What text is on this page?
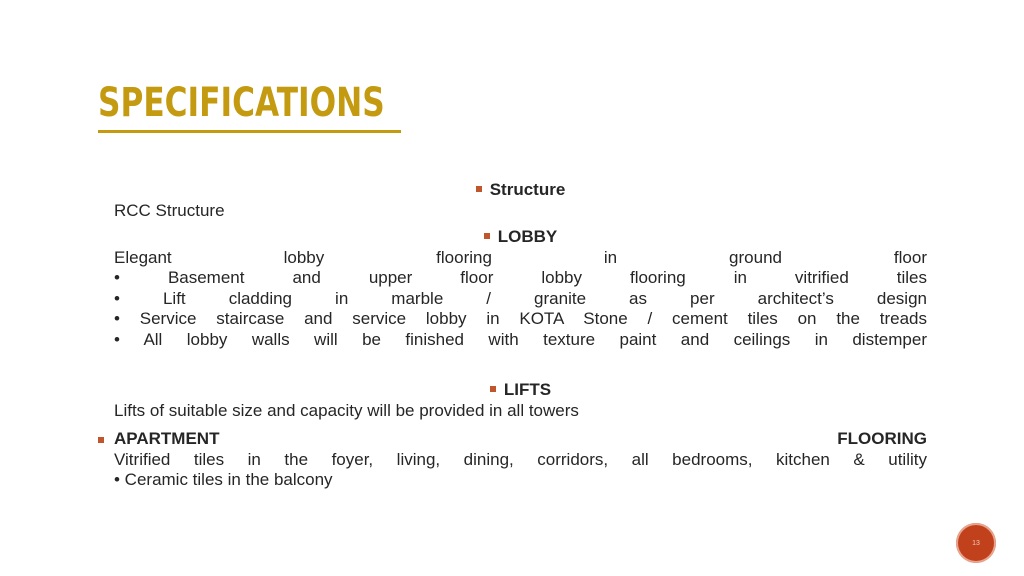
SPECIFICATIONS
Structure
RCC Structure
LOBBY
Elegant lobby flooring in ground floor
• Basement and upper floor lobby flooring in vitrified tiles
• Lift cladding in marble / granite as per architect’s design
• Service staircase and service lobby in KOTA Stone / cement tiles on the treads
• All lobby walls will be finished with texture paint and ceilings in distemper
LIFTS
Lifts of suitable size and capacity will be provided in all towers
APARTMENT FLOORING
Vitrified tiles in the foyer, living, dining, corridors, all bedrooms, kitchen & utility
• Ceramic tiles in the balcony
13
